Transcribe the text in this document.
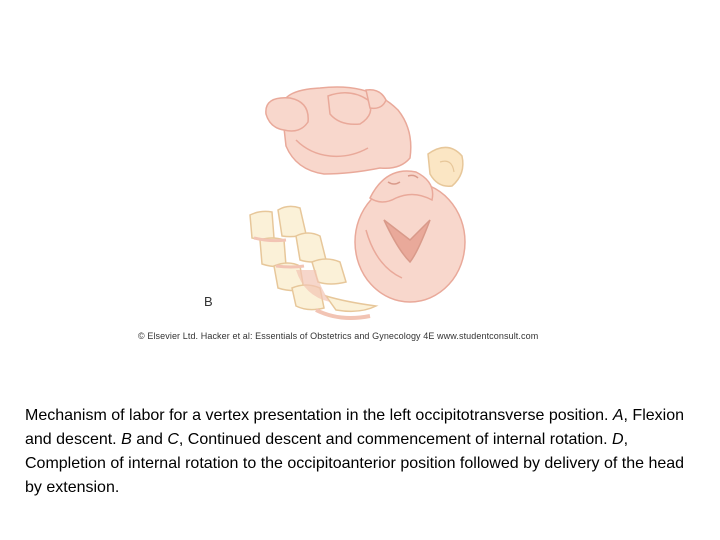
B
© Elsevier Ltd. Hacker et al: Essentials of Obstetrics and Gynecology 4E www.studentconsult.com
Mechanism of labor for a vertex presentation in the left occipitotransverse position. A, Flexion and descent. B and C, Continued descent and commencement of internal rotation. D, Completion of internal rotation to the occipitoanterior position followed by delivery of the head by extension.
